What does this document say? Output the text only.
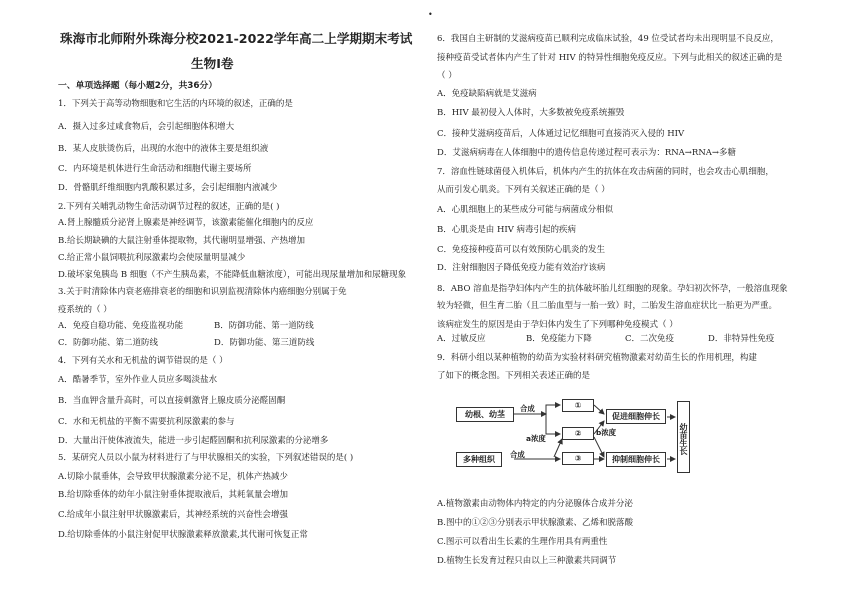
•
珠海市北师附外珠海分校2021-2022学年高二上学期期末考试
生物Ⅰ卷
一、单项选择题（每小题2分，共36分）
1．下列关于高等动物细胞和它生活的内环境的叙述，正确的是
A．摄入过多过咸食物后，会引起细胞体积增大
B．某人皮肤烫伤后，出现的水泡中的液体主要是组织液
C．内环境是机体进行生命活动和细胞代谢主要场所
D．骨骼肌纤维细胞内乳酸积累过多，会引起细胞内液减少
2.下列有关哺乳动物生命活动调节过程的叙述，正确的是( )
A.肾上腺髓质分泌肾上腺素是神经调节，该激素能催化细胞内的反应
B.给长期缺碘的大鼠注射垂体提取物，其代谢明显增强、产热增加
C.给正常小鼠饲喂抗利尿激素均会使尿量明显减少
D.破坏家兔胰岛 B 细胞（不产生胰岛素，不能降低血糖浓度），可能出现尿量增加和尿糖现象
3.关于时清除体内衰老癌排衰老的细胞和识别监视清除体内癌细胞分别属于免
疫系统的（ ）
4．下列有关水和无机盐的调节错误的是（ ）
A．酷暑季节，室外作业人员应多喝淡盐水
B．当血钾含量升高时，可以直接刺激肾上腺皮质分泌醛固酮
C．水和无机盐的平衡不需要抗利尿激素的参与
D．大量出汗使体液流失，能进一步引起醛固酮和抗利尿激素的分泌增多
5．某研究人员以小鼠为材料进行了与甲状腺相关的实验，下列叙述错误的是( )
A.切除小鼠垂体，会导致甲状腺激素分泌不足，机体产热减少
B.给切除垂体的幼年小鼠注射垂体提取液后，其耗氧量会增加
C.给成年小鼠注射甲状腺激素后，其神经系统的兴奋性会增强
D.给切除垂体的小鼠注射促甲状腺激素释放激素,其代谢可恢复正常
A．免疫自稳功能、免疫监视功能	B．防御功能、第一道防线
C．防御功能、第二道防线	D．防御功能、第三道防线
6．我国自主研制的艾滋病疫苗已顺利完成临床试验，49 位受试者均未出现明显不良反应，
接种疫苗受试者体内产生了针对 HIV 的特异性细胞免疫反应。下列与此相关的叙述正确的是
（ ）
A．免疫缺陷病就是艾滋病
B．HIV 最初侵入人体时，大多数被免疫系统摧毁
C．接种艾滋病疫苗后，人体通过记忆细胞可直接消灭入侵的 HIV
D．艾滋病病毒在人体细胞中的遗传信息传递过程可表示为：RNA→RNA→多糖
7．溶血性链球菌侵入机体后，机体内产生的抗体在攻击病菌的同时，也会攻击心肌细胞，
从而引发心肌炎。下列有关叙述正确的是（ ）
A．心肌细胞上的某些成分可能与病菌成分相似
B．心肌炎是由 HIV 病毒引起的疾病
C．免疫接种疫苗可以有效预防心肌炎的发生
D．注射细胞因子降低免疫力能有效治疗该病
8．ABO 溶血是指孕妇体内产生的抗体破坏胎儿红细胞的现象。孕妇初次怀孕，一般溶血现象
较为轻微，但生育二胎（且二胎血型与一胎一致）时，二胎发生溶血症状比一胎更为严重。
该病症发生的原因是由于孕妇体内发生了下列哪种免疫模式（ ）
9．科研小组以某种植物的幼苗为实验材料研究植物激素对幼苗生长的作用机理，构建
了如下的概念图。下列相关表述正确的是
A.植物激素由动物体内特定的内分泌腺体合成并分泌
B.图中的①②③分别表示甲状腺激素、乙烯和脱落酸
C.图示可以看出生长素的生理作用具有两重性
D.植物生长发育过程只由以上三种激素共同调节
A．过敏反应	B．免疫能力下降	C．二次免疫	D．非特异性免疫
幼根、幼茎
合成	①
②	b浓度
a浓度
促进细胞伸长
多种组织
合成	③	抑制细胞伸长
幼苗生长
